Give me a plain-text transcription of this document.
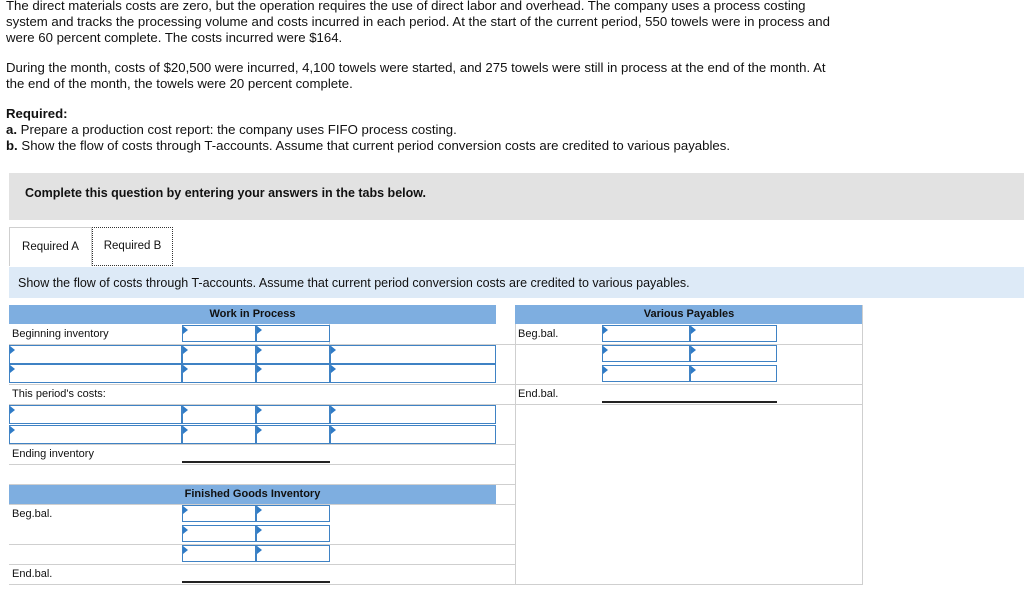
The direct materials costs are zero, but the operation requires the use of direct labor and overhead. The company uses a process costing system and tracks the processing volume and costs incurred in each period. At the start of the current period, 550 towels were in process and were 60 percent complete. The costs incurred were $164.

During the month, costs of $20,500 were incurred, 4,100 towels were started, and 275 towels were still in process at the end of the month. At the end of the month, the towels were 20 percent complete.

Required:

a. Prepare a production cost report: the company uses FIFO process costing.

b. Show the flow of costs through T-accounts. Assume that current period conversion costs are credited to various payables.

Complete this question by entering your answers in the tabs below.
Required A	Required B
Show the flow of costs through T-accounts. Assume that current period conversion costs are credited to various payables.
Work in Process
Beginning inventory
This period's costs:
Ending inventory
Finished Goods Inventory
Beg.bal.
End.bal.
Various Payables
Beg.bal.
End.bal.
